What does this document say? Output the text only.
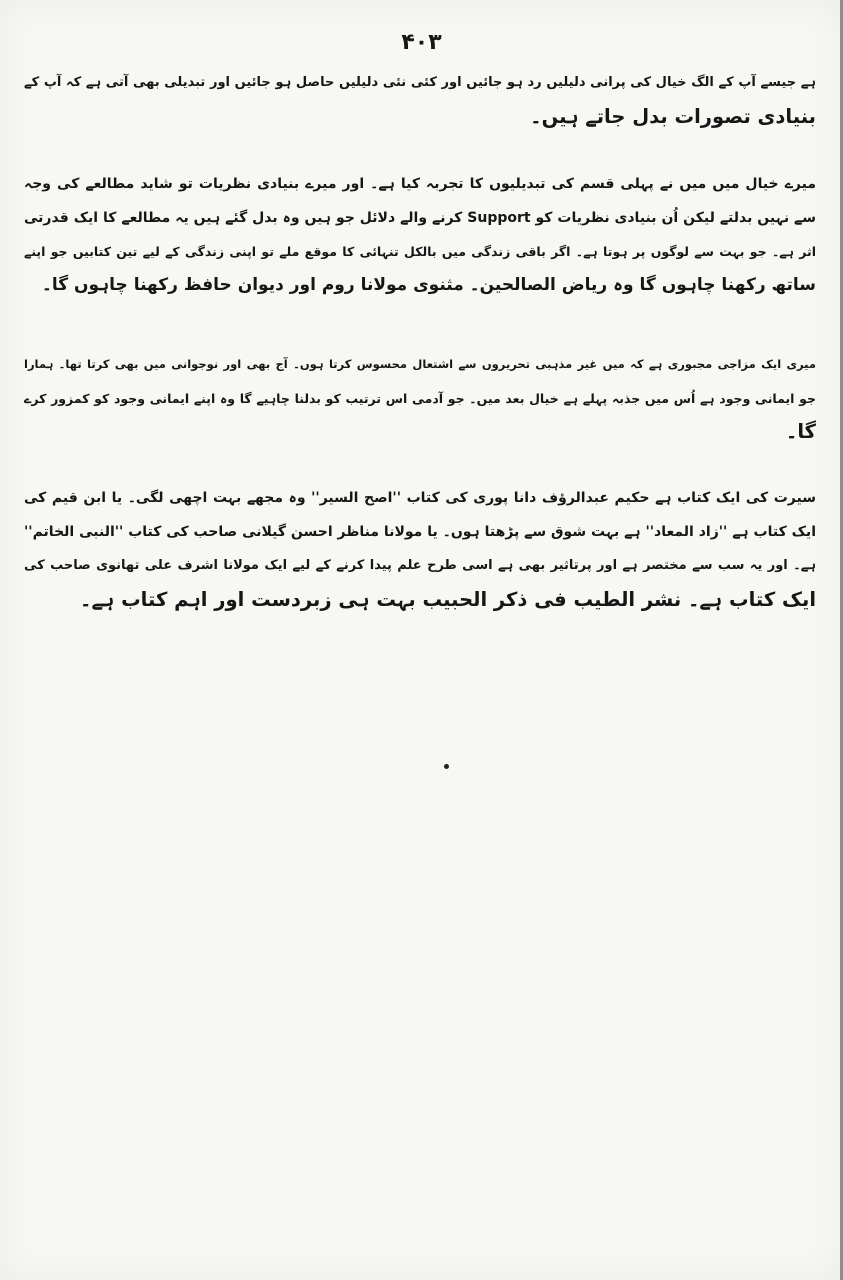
۴۰۳
ہے جیسے آپ کے الگ خیال کی پرانی دلیلیں رد ہو جائیں اور کئی نئی دلیلیں حاصل ہو جائیں اور تبدیلی بھی آتی ہے کہ آپ کے
بنیادی تصورات بدل جاتے ہیں۔
میرے خیال میں میں نے پہلی قسم کی تبدیلیوں کا تجربہ کیا ہے۔ اور میرے بنیادی نظریات تو شاید مطالعے کی وجہ
سے نہیں بدلتے لیکن اُن بنیادی نظریات کو Support کرنے والے دلائل جو ہیں وہ بدل گئے ہیں یہ مطالعے کا ایک قدرتی
اثر ہے۔ جو بہت سے لوگوں پر ہوتا ہے۔ اگر باقی زندگی میں بالکل تنہائی کا موقع ملے تو اپنی زندگی کے لیے تین کتابیں جو اپنے
ساتھ رکھنا چاہوں گا وہ ریاض الصالحین۔ مثنوی مولانا روم اور دیوان حافظ رکھنا چاہوں گا۔
میری ایک مزاجی مجبوری ہے کہ میں غیر مذہبی تحریروں سے اشتعال محسوس کرتا ہوں۔ آج بھی اور نوجوانی میں بھی کرتا تھا۔ ہمارا
جو ایمانی وجود ہے اُس میں جذبہ پہلے ہے خیال بعد میں۔ جو آدمی اس ترتیب کو بدلنا چاہیے گا وہ اپنے ایمانی وجود کو کمزور کرے
گا۔
سیرت کی ایک کتاب ہے حکیم عبدالرؤف دانا پوری کی کتاب ''اصح السیر'' وہ مجھے بہت اچھی لگی۔ یا ابن قیم کی
ایک کتاب ہے ''زاد المعاد'' ہے بہت شوق سے پڑھتا ہوں۔ یا مولانا مناظر احسن گیلانی صاحب کی کتاب ''النبی الخاتم''
ہے۔ اور یہ سب سے مختصر ہے اور پرتاثیر بھی ہے اسی طرح علم پیدا کرنے کے لیے ایک مولانا اشرف علی تھانوی صاحب کی
ایک کتاب ہے۔ نشر الطیب فی ذکر الحبیب بہت ہی زبردست اور اہم کتاب ہے۔
